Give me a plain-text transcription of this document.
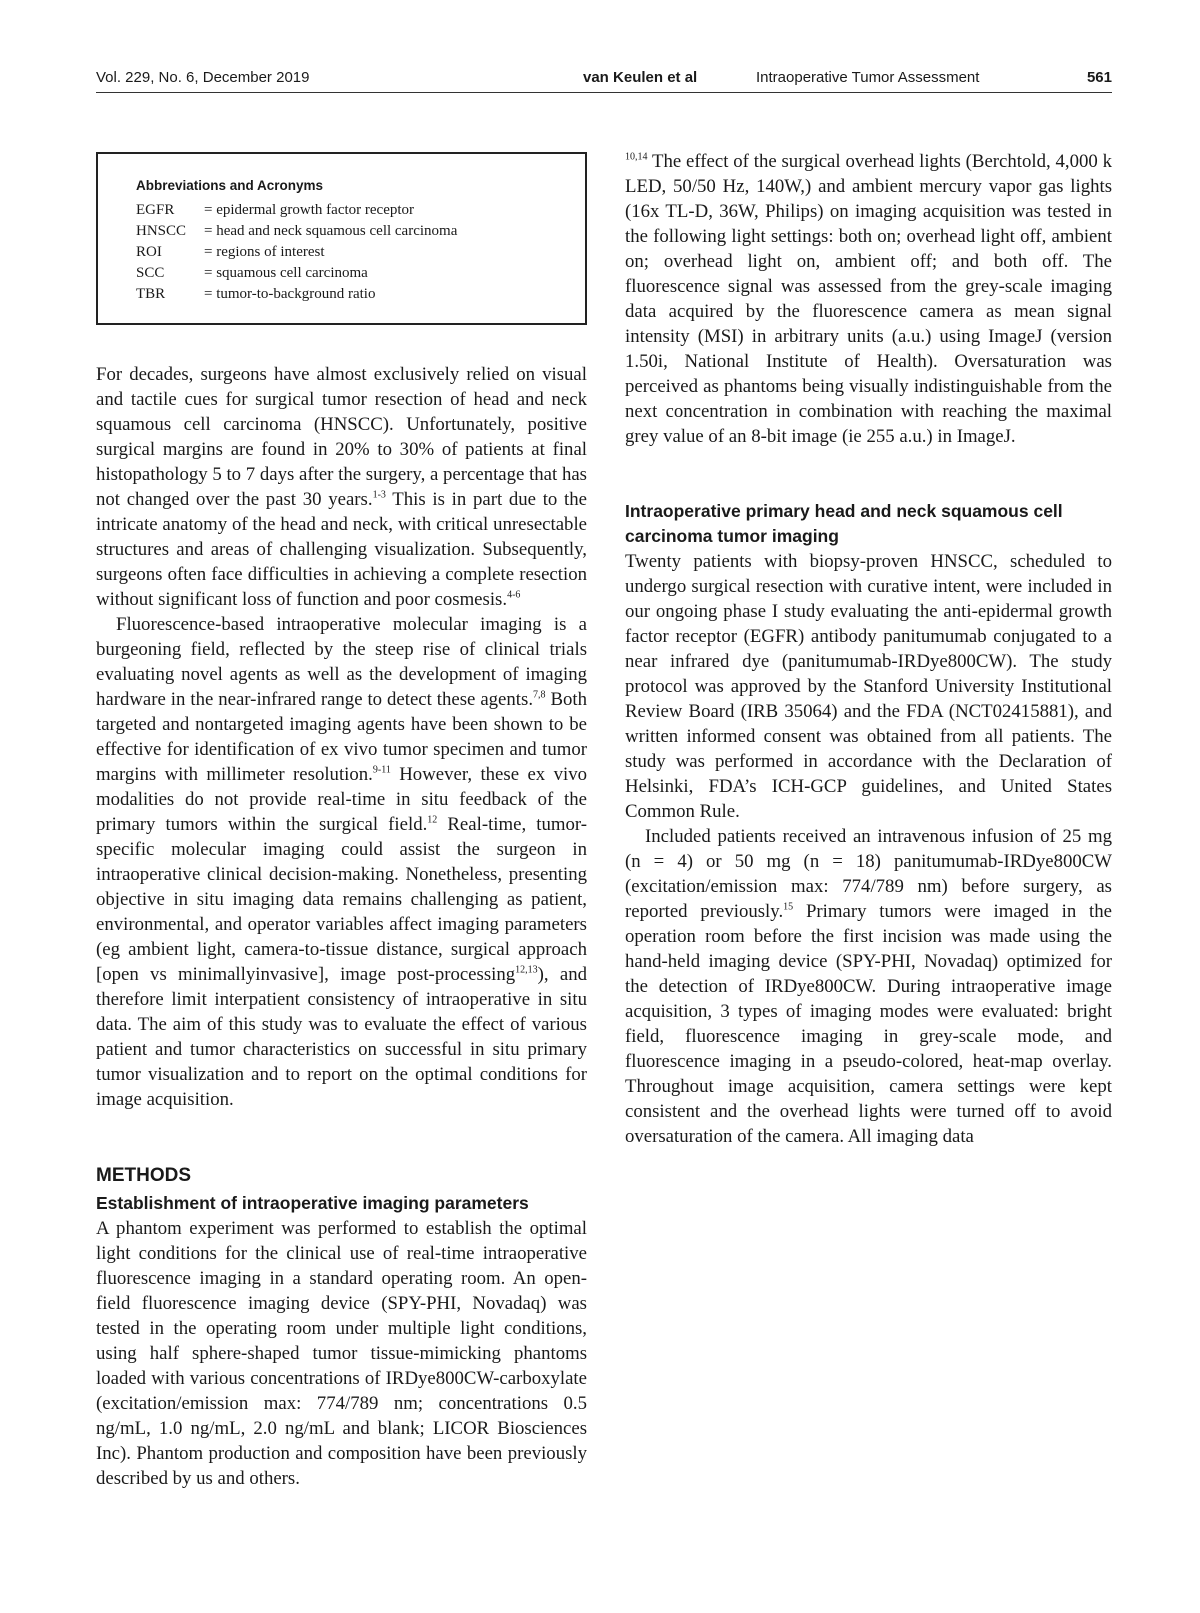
Vol. 229, No. 6, December 2019	van Keulen et al	Intraoperative Tumor Assessment	561
Abbreviations and Acronyms
EGFR = epidermal growth factor receptor
HNSCC = head and neck squamous cell carcinoma
ROI	= regions of interest
SCC	= squamous cell carcinoma
TBR	= tumor-to-background ratio

For decades, surgeons have almost exclusively relied on visual and tactile cues for surgical tumor resection of head and neck squamous cell carcinoma (HNSCC). Unfortunately, positive surgical margins are found in 20% to 30% of patients at final histopathology 5 to 7 days after the surgery, a percentage that has not changed over the past 30 years.$^{1-3}$ This is in part due to the intricate anatomy of the head and neck, with critical unresectable structures and areas of challenging visualization. Subsequently, surgeons often face difficulties in achieving a complete resection without significant loss of function and poor cosmesis.$^{4-6}$

Fluorescence-based intraoperative molecular imaging is a burgeoning field, reflected by the steep rise of clinical trials evaluating novel agents as well as the development of imaging hardware in the near-infrared range to detect these agents.$^{7,8}$ Both targeted and nontargeted imaging agents have been shown to be effective for identification of ex vivo tumor specimen and tumor margins with millimeter resolution.$^{9-11}$ However, these ex vivo modalities do not provide real-time in situ feedback of the primary tumors within the surgical field.$^{12}$ Real-time, tumor-specific molecular imaging could assist the surgeon in intraoperative clinical decision-making. Nonetheless, presenting objective in situ imaging data remains challenging as patient, environmental, and operator variables affect imaging parameters (eg ambient light, camera-to-tissue distance, surgical approach [open vs minimallyinvasive], image post-processing$^{12,13}$), and therefore limit interpatient consistency of intraoperative in situ data. The aim of this study was to evaluate the effect of various patient and tumor characteristics on successful in situ primary tumor visualization and to report on the optimal conditions for image acquisition.

METHODS
Establishment of intraoperative imaging parameters

A phantom experiment was performed to establish the optimal light conditions for the clinical use of real-time intraoperative fluorescence imaging in a standard operating room. An open-field fluorescence imaging device (SPY-PHI, Novadaq) was tested in the operating room under multiple light conditions, using half sphere-shaped tumor tissue-mimicking phantoms loaded with various concentrations of IRDye800CW-carboxylate (excitation/emission max: 774/789 nm; concentrations 0.5 ng/mL, 1.0 ng/mL, 2.0 ng/mL and blank; LICOR Biosciences Inc). Phantom production and composition have been previously described by us and others.

$^{10,14}$ The effect of the surgical overhead lights (Berchtold, 4,000 k LED, 50/50 Hz, 140W,) and ambient mercury vapor gas lights (16x TL-D, 36W, Philips) on imaging acquisition was tested in the following light settings: both on; overhead light off, ambient on; overhead light on, ambient off; and both off. The fluorescence signal was assessed from the grey-scale imaging data acquired by the fluorescence camera as mean signal intensity (MSI) in arbitrary units (a.u.) using ImageJ (version 1.50i, National Institute of Health). Oversaturation was perceived as phantoms being visually indistinguishable from the next concentration in combination with reaching the maximal grey value of an 8-bit image (ie 255 a.u.) in ImageJ.

Intraoperative primary head and neck squamous cell carcinoma tumor imaging

Twenty patients with biopsy-proven HNSCC, scheduled to undergo surgical resection with curative intent, were included in our ongoing phase I study evaluating the anti-epidermal growth factor receptor (EGFR) antibody panitumumab conjugated to a near infrared dye (panitumumab-IRDye800CW). The study protocol was approved by the Stanford University Institutional Review Board (IRB 35064) and the FDA (NCT02415881), and written informed consent was obtained from all patients. The study was performed in accordance with the Declaration of Helsinki, FDA’s ICH-GCP guidelines, and United States Common Rule.

Included patients received an intravenous infusion of 25 mg (n = 4) or 50 mg (n = 18) panitumumab-IRDye800CW (excitation/emission max: 774/789 nm) before surgery, as reported previously.$^{15}$ Primary tumors were imaged in the operation room before the first incision was made using the hand-held imaging device (SPY-PHI, Novadaq) optimized for the detection of IRDye800CW. During intraoperative image acquisition, 3 types of imaging modes were evaluated: bright field, fluorescence imaging in grey-scale mode, and fluorescence imaging in a pseudo-colored, heat-map overlay. Throughout image acquisition, camera settings were kept consistent and the overhead lights were turned off to avoid oversaturation of the camera. All imaging data
